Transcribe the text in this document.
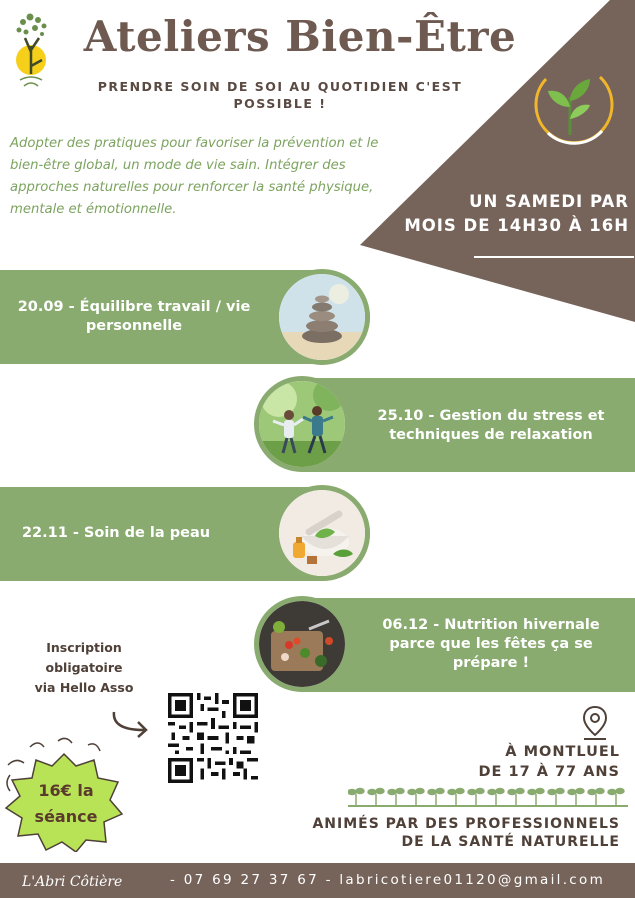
Ateliers Bien-Être
PRENDRE SOIN DE SOI AU QUOTIDIEN C'EST POSSIBLE !
Adopter des pratiques pour favoriser la prévention et le bien-être global, un mode de vie sain. Intégrer des approches naturelles pour renforcer la santé physique, mentale et émotionnelle.	UN SAMEDI PAR
MOIS DE 14H30 À 16H
20.09 - Équilibre travail / vie
personnelle
25.10 - Gestion du stress et
techniques de relaxation
22.11 - Soin de la peau
06.12 - Nutrition hivernale
parce que les fêtes ça se
prépare !
Inscription
obligatoire
via Hello Asso
16€ la
séance
À MONTLUEL
DE 17 À 77 ANS
ANIMÉS PAR DES PROFESSIONNELS
DE LA SANTÉ NATURELLE
L'Abri Côtière	- 07 69 27 37 67 - labricotiere01120@gmail.com
